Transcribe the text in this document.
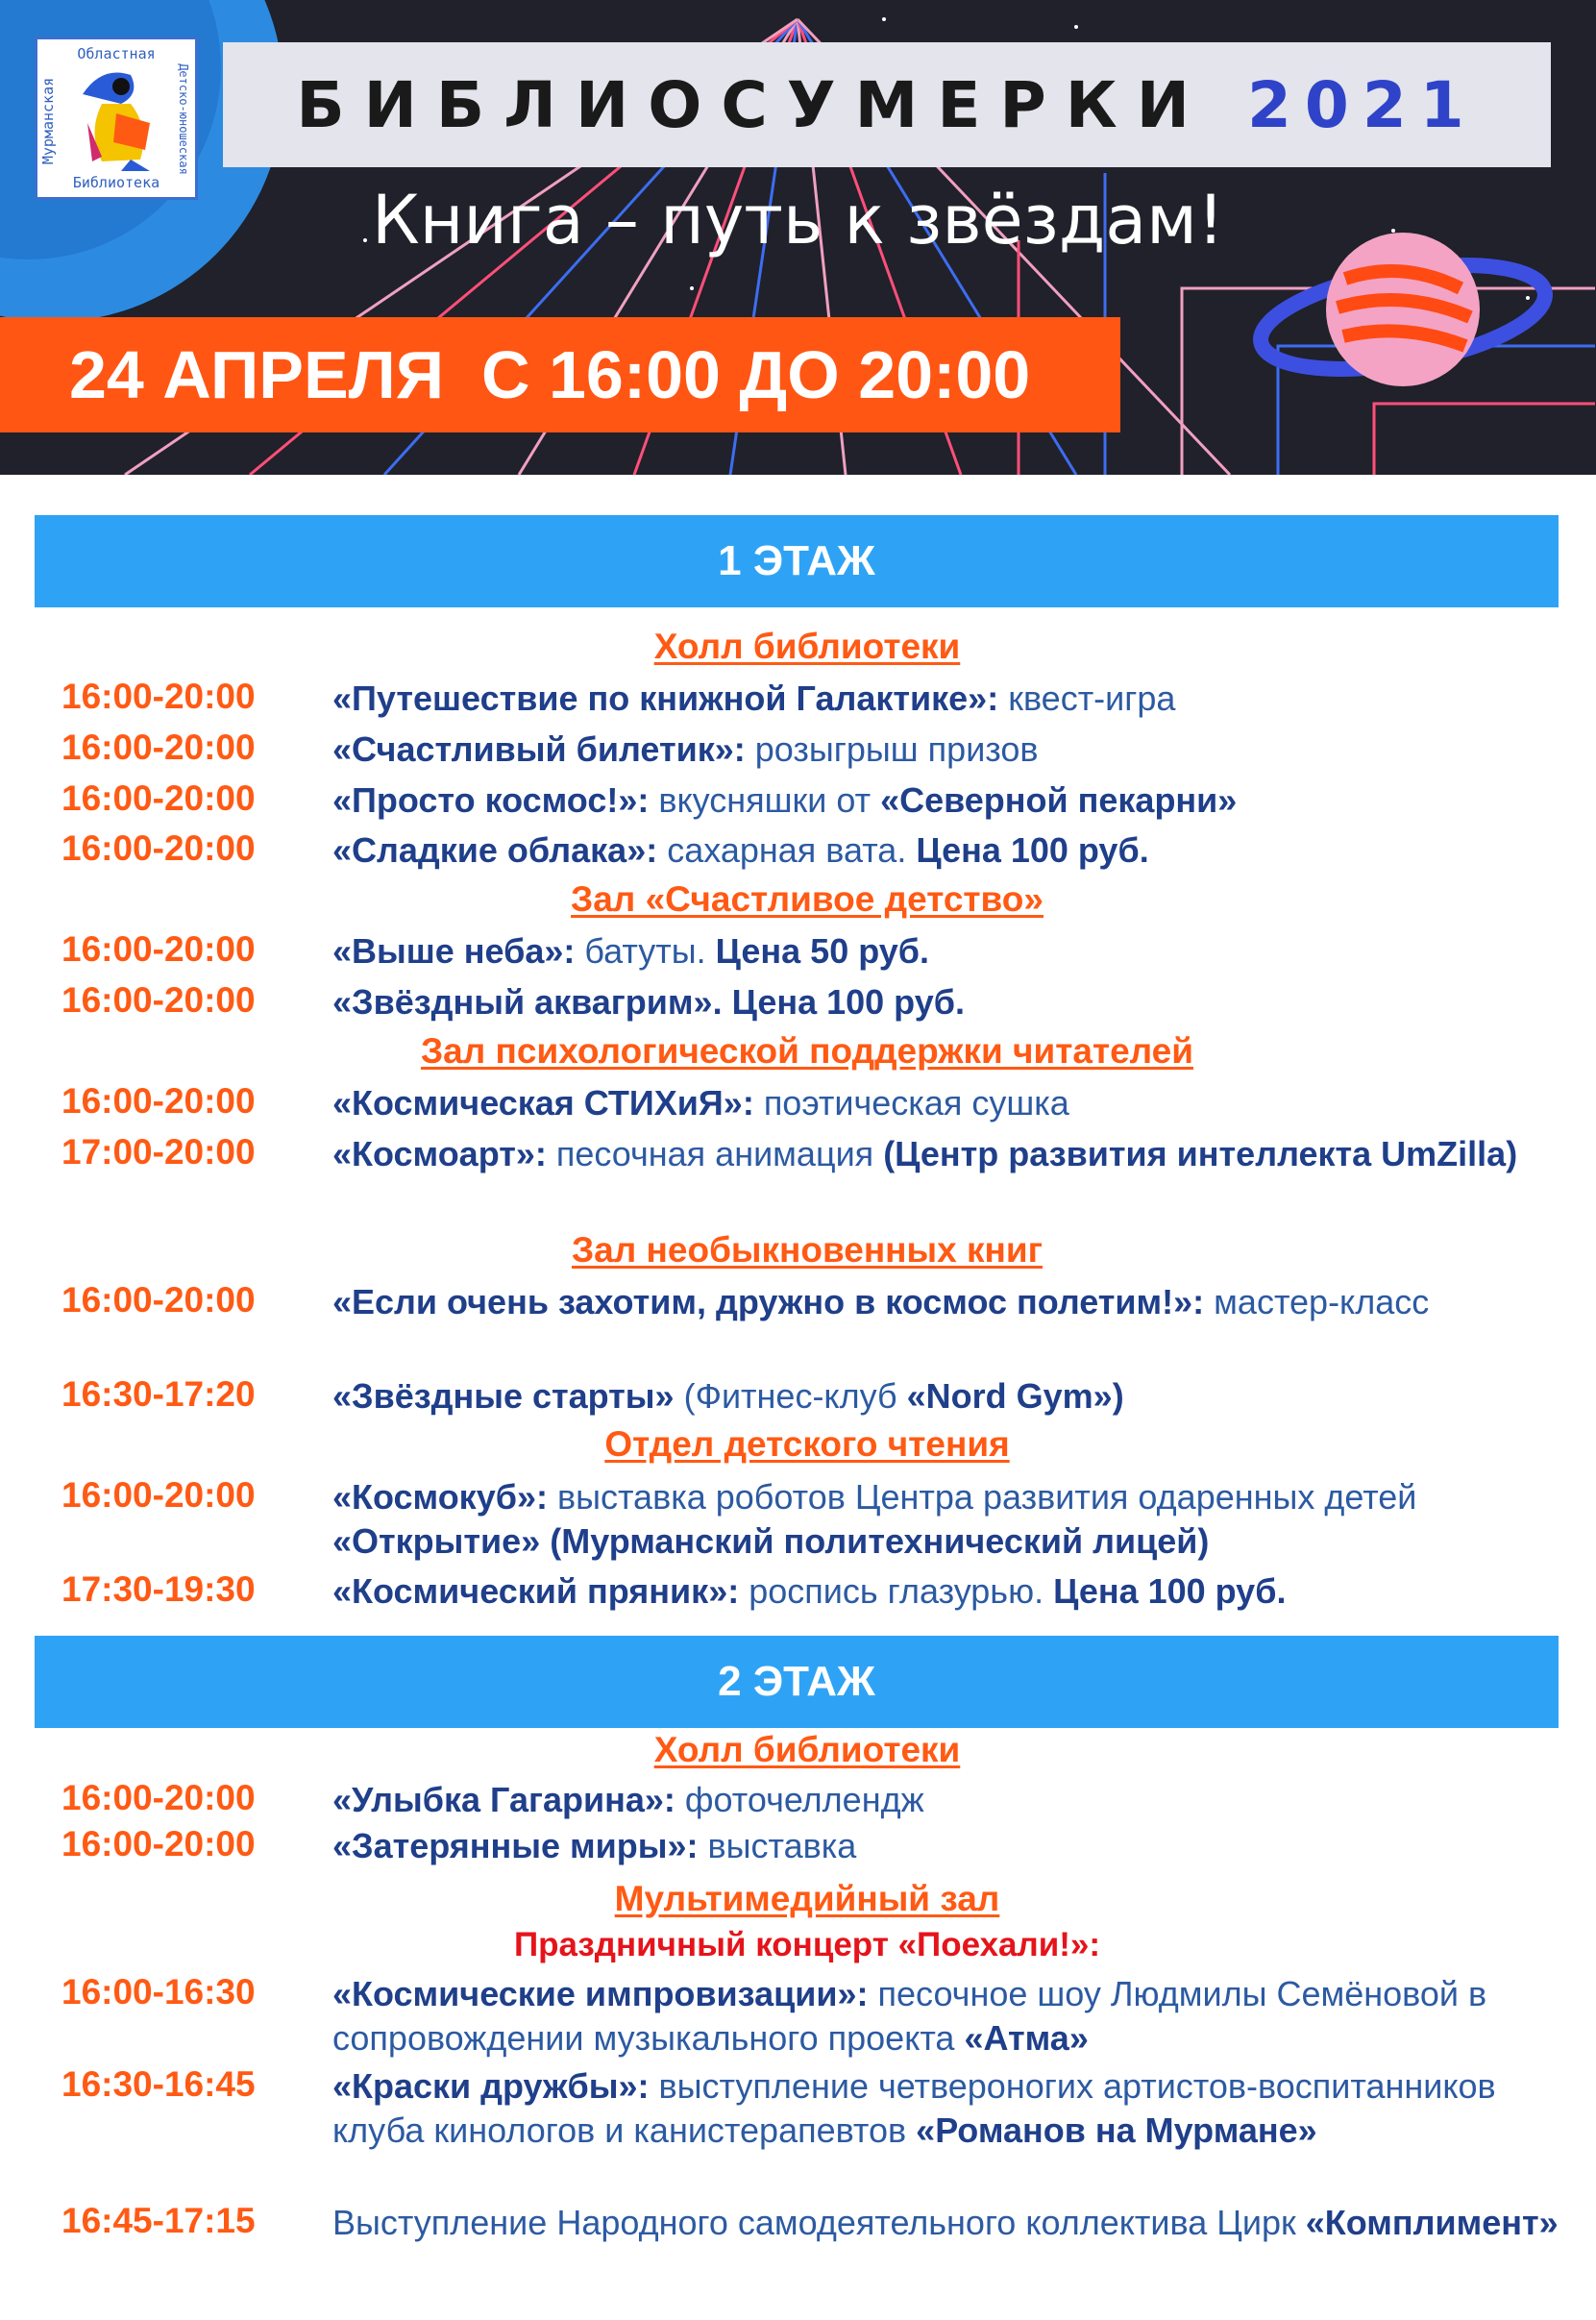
Областная
Мурманская	Детско-юношеская
Библиотека
БИБЛИОСУМЕРКИ 2021
Книга – путь к звёздам!
24 АПРЕЛЯ  С 16:00 ДО 20:00
1 ЭТАЖ
Холл библиотеки
16:00-20:00 «Путешествие по книжной Галактике»: квест-игра
16:00-20:00 «Счастливый билетик»: розыгрыш призов
16:00-20:00 «Просто космос!»: вкусняшки от «Северной пекарни»
16:00-20:00 «Сладкие облака»: сахарная вата. Цена 100 руб.
Зал «Счастливое детство»
16:00-20:00 «Выше неба»: батуты. Цена 50 руб.
16:00-20:00 «Звёздный аквагрим». Цена 100 руб.
Зал психологической поддержки читателей
16:00-20:00 «Космическая СТИХиЯ»: поэтическая сушка
17:00-20:00 «Космоарт»: песочная анимация (Центр развития интеллекта UmZilla)
Зал необыкновенных книг
16:00-20:00 «Если очень захотим, дружно в космос полетим!»: мастер-класс
16:30-17:20 «Звёздные старты» (Фитнес-клуб «Nord Gym»)
Отдел детского чтения
16:00-20:00 «Космокуб»: выставка роботов Центра развития одаренных детей «Открытие» (Мурманский политехнический лицей)
17:30-19:30 «Космический пряник»: роспись глазурью. Цена 100 руб.
2 ЭТАЖ
Холл библиотеки
16:00-20:00 «Улыбка Гагарина»: фоточеллендж
16:00-20:00 «Затерянные миры»: выставка
Мультимедийный зал
Праздничный концерт «Поехали!»:
16:00-16:30 «Космические импровизации»: песочное шоу Людмилы Семёновой в сопровождении музыкального проекта «Атма»
16:30-16:45 «Краски дружбы»: выступление четвероногих артистов-воспитанников клуба кинологов и канистерапевтов «Романов на Мурмане»
16:45-17:15 Выступление Народного самодеятельного коллектива Цирк «Комплимент»
